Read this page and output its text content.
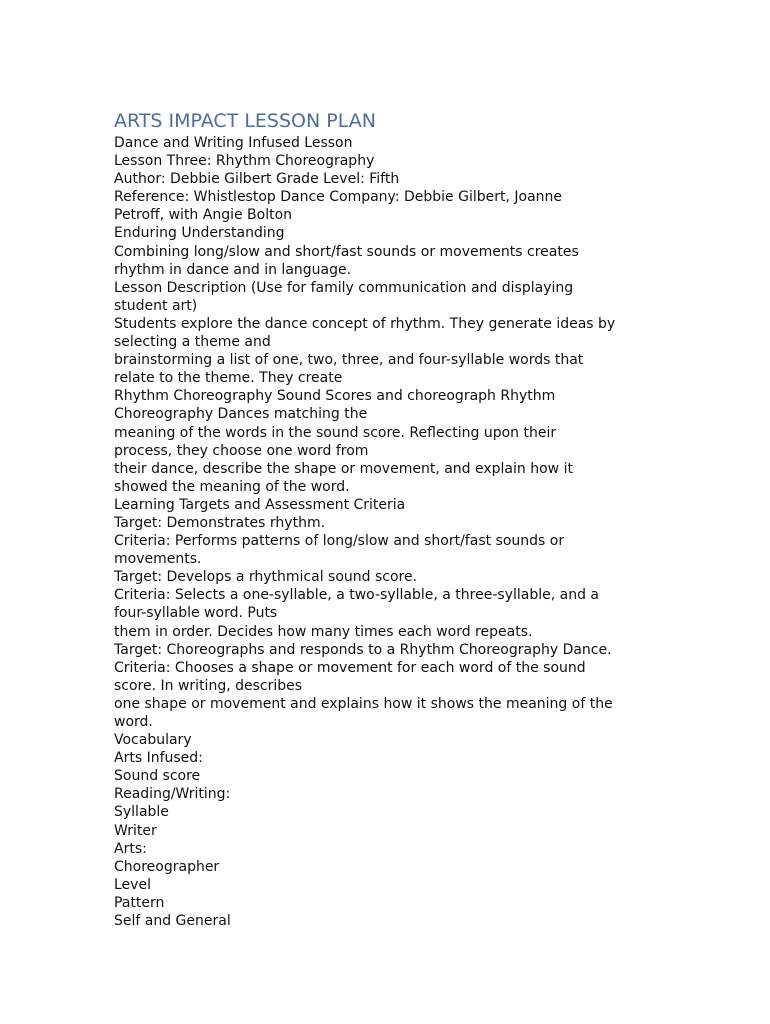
ARTS IMPACT LESSON PLAN

Dance and Writing Infused Lesson

Lesson Three: Rhythm Choreography

Author: Debbie Gilbert Grade Level: Fifth

Reference: Whistlestop Dance Company: Debbie Gilbert, Joanne

Petroff, with Angie Bolton

Enduring Understanding

Combining long/slow and short/fast sounds or movements creates

rhythm in dance and in language.

Lesson Description (Use for family communication and displaying

student art)

Students explore the dance concept of rhythm. They generate ideas by

selecting a theme and

brainstorming a list of one, two, three, and four-syllable words that

relate to the theme. They create

Rhythm Choreography Sound Scores and choreograph Rhythm

Choreography Dances matching the

meaning of the words in the sound score. Reflecting upon their

process, they choose one word from

their dance, describe the shape or movement, and explain how it

showed the meaning of the word.

Learning Targets and Assessment Criteria

Target: Demonstrates rhythm.

Criteria: Performs patterns of long/slow and short/fast sounds or

movements.

Target: Develops a rhythmical sound score.

Criteria: Selects a one-syllable, a two-syllable, a three-syllable, and a

four-syllable word. Puts

them in order. Decides how many times each word repeats.

Target: Choreographs and responds to a Rhythm Choreography Dance.

Criteria: Chooses a shape or movement for each word of the sound

score. In writing, describes

one shape or movement and explains how it shows the meaning of the

word.

Vocabulary

Arts Infused:

Sound score

Reading/Writing:

Syllable

Writer

Arts:

Choreographer

Level

Pattern

Self and General
